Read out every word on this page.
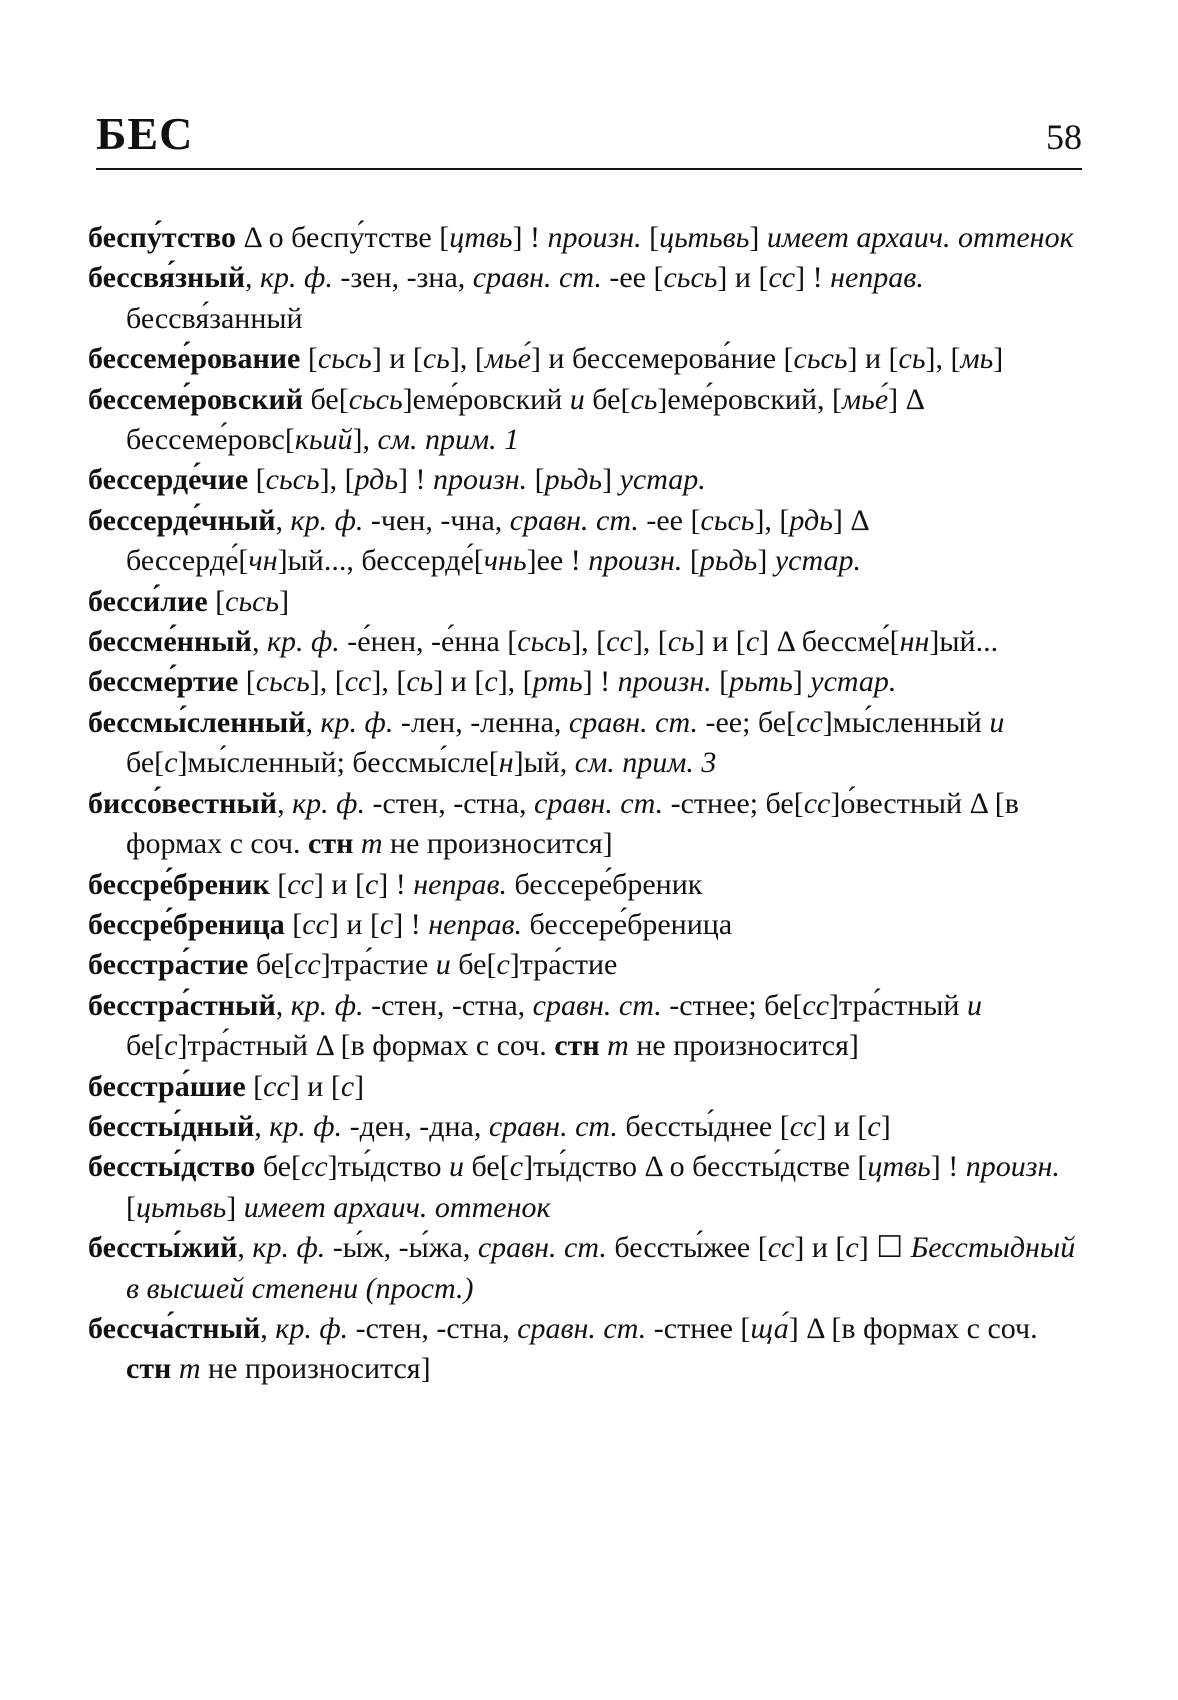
БЕС	58

беспу́тство Δ о беспу́тстве [цтвь] ! произн. [цьтьвь] имеет архаич. оттенок

бессвя́зный, кр. ф. -зен, -зна, сравн. ст. -ее [сьсь] и [сс] ! неправ. бессвя́занный

бессеме́рование [сьсь] и [сь], [мье́] и бессемерова́ние [сьсь] и [сь], [мь]

бессеме́ровский бе[сьсь]еме́ровский и бе[сь]еме́ровский, [мье́] Δ бессеме́ровс[кьий], см. прим. 1

бессерде́чие [сьсь], [рдь] ! произн. [рьдь] устар.

бессерде́чный, кр. ф. -чен, -чна, сравн. ст. -ее [сьсь], [рдь] Δ бессерде́[чн]ый..., бессерде́[чнь]ее ! произн. [рьдь] устар.

бесси́лие [сьсь]

бессме́нный, кр. ф. -е́нен, -е́нна [сьсь], [сс], [сь] и [с] Δ бессме́[нн]ый...

бессме́ртие [сьсь], [сс], [сь] и [с], [рть] ! произн. [рьть] устар.

бессмы́сленный, кр. ф. -лен, -ленна, сравн. ст. -ее; бе[сс]мы́сленный и бе[с]мы́сленный; бессмы́сле[н]ый, см. прим. 3

биссо́вестный, кр. ф. -стен, -стна, сравн. ст. -стнее; бе[сс]о́вестный Δ [в формах с соч. стн т не произносится]

бессре́бреник [сс] и [с] ! неправ. бессере́бреник

бессре́бреница [сс] и [с] ! неправ. бессере́бреница

бесстра́стие бе[сс]тра́стие и бе[с]тра́стие

бесстра́стный, кр. ф. -стен, -стна, сравн. ст. -стнее; бе[сс]тра́стный и бе[с]тра́стный Δ [в формах с соч. стн т не произносится]

бесстра́шие [сс] и [с]

бессты́дный, кр. ф. -ден, -дна, сравн. ст. бессты́днее [сс] и [с]

бессты́дство бе[сс]ты́дство и бе[с]ты́дство Δ о бессты́дстве [цтвь] ! произн. [цьтьвь] имеет архаич. оттенок

бессты́жий, кр. ф. -ы́ж, -ы́жа, сравн. ст. бессты́жее [сс] и [с] ☐ Бесстыдный в высшей степени (прост.)

бессча́стный, кр. ф. -стен, -стна, сравн. ст. -стнее [ща́] Δ [в формах с соч. стн т не произносится]
